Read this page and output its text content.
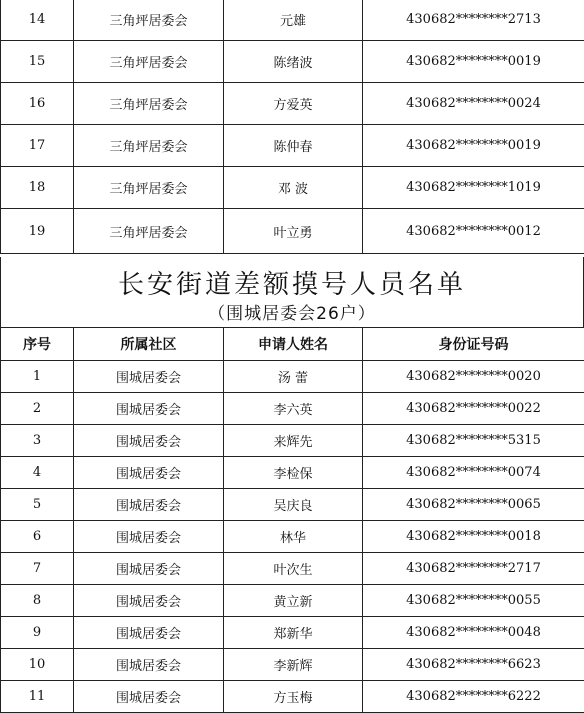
14	三角坪居委会	元雄	430682********2713
15	三角坪居委会	陈绪波	430682********0019
16	三角坪居委会	方爱英	430682********0024
17	三角坪居委会	陈仲春	430682********0019
18	三角坪居委会	邓 波	430682********1019
19	三角坪居委会	叶立勇	430682********0012
长安街道差额摸号人员名单
（围城居委会26户）
序号	所属社区	申请人姓名	身份证号码
1	围城居委会	汤 蕾	430682********0020
2	围城居委会	李六英	430682********0022
3	围城居委会	来辉先	430682********5315
4	围城居委会	李检保	430682********0074
5	围城居委会	吴庆良	430682********0065
6	围城居委会	林华	430682********0018
7	围城居委会	叶次生	430682********2717
8	围城居委会	黄立新	430682********0055
9	围城居委会	郑新华	430682********0048
10	围城居委会	李新辉	430682********6623
11	围城居委会	方玉梅	430682********6222
